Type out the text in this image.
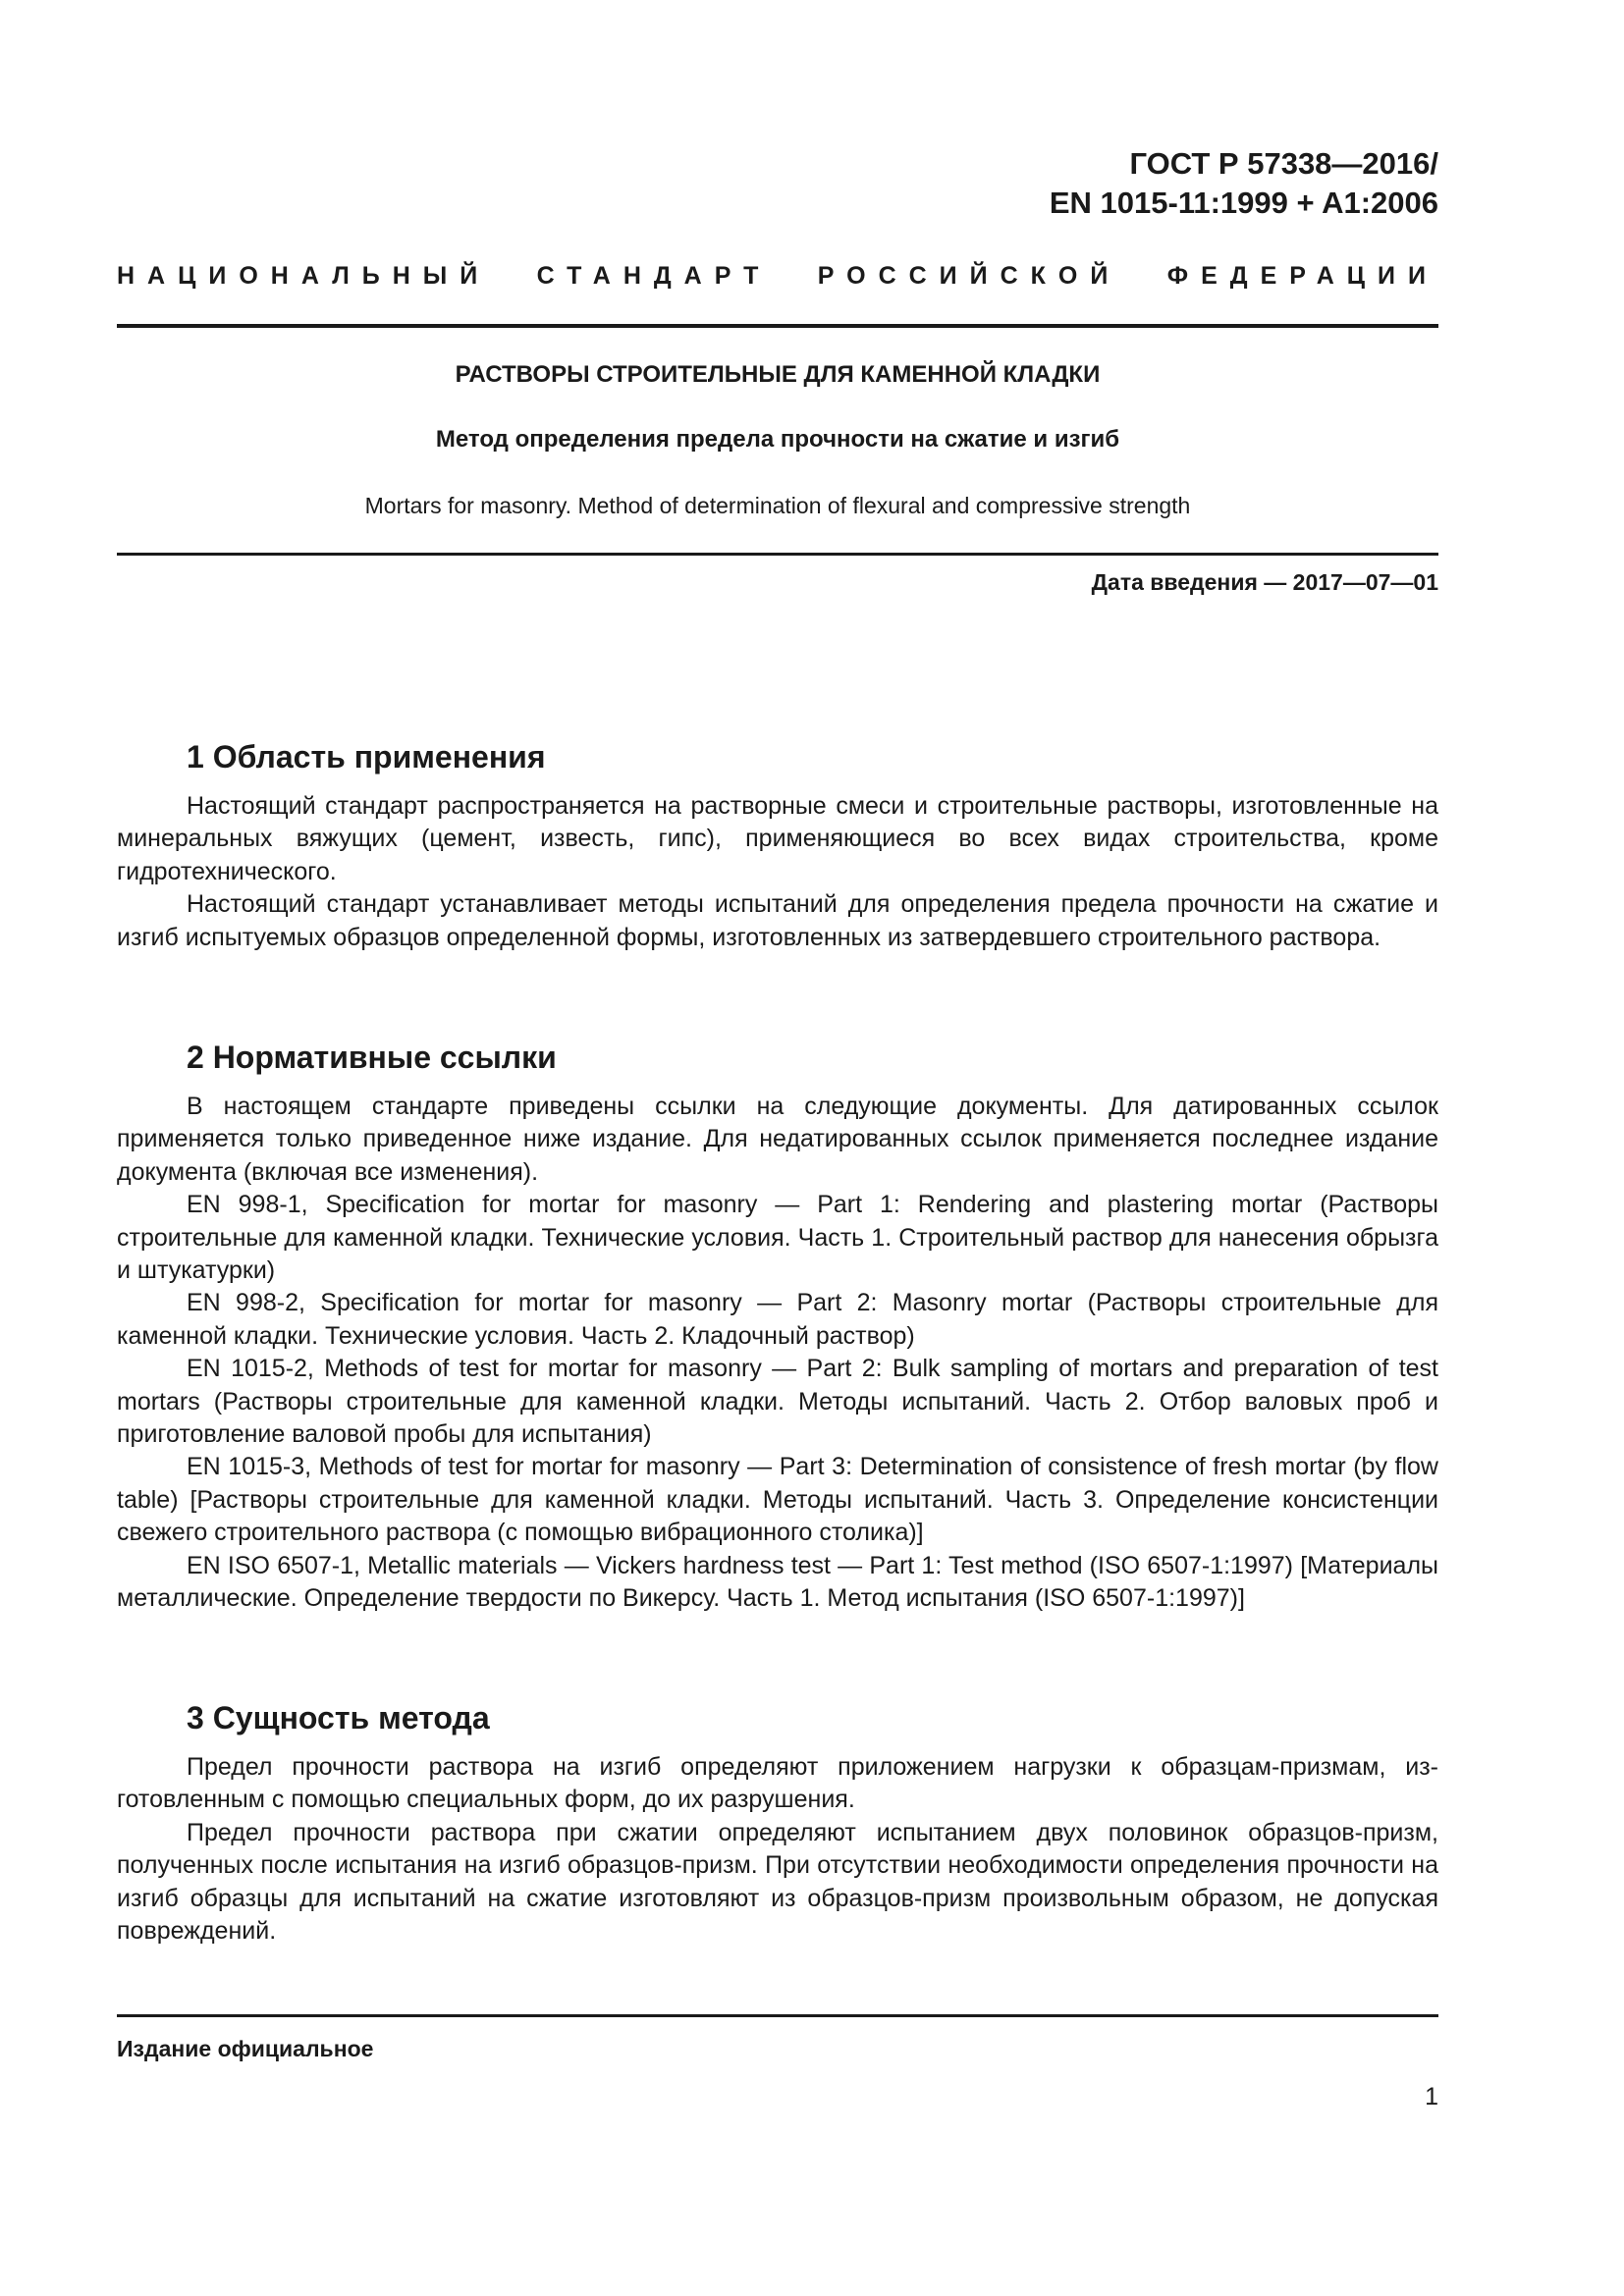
ГОСТ Р 57338—2016/
EN 1015-11:1999 + A1:2006
НАЦИОНАЛЬНЫЙ СТАНДАРТ РОССИЙСКОЙ ФЕДЕРАЦИИ
РАСТВОРЫ СТРОИТЕЛЬНЫЕ ДЛЯ КАМЕННОЙ КЛАДКИ
Метод определения предела прочности на сжатие и изгиб
Mortars for masonry. Method of determination of flexural and compressive strength
Дата введения — 2017—07—01
1 Область применения

Настоящий стандарт распространяется на растворные смеси и строительные растворы, изготовленные на минеральных вяжущих (цемент, известь, гипс), применяющиеся во всех видах строительства, кроме гидротехнического.

Настоящий стандарт устанавливает методы испытаний для определения предела прочности на сжатие и изгиб испытуемых образцов определенной формы, изготовленных из затвердевшего строительного раствора.

2 Нормативные ссылки

В настоящем стандарте приведены ссылки на следующие документы. Для датированных ссылок применяется только приведенное ниже издание. Для недатированных ссылок применяется последнее издание документа (включая все изменения).

EN 998-1, Specification for mortar for masonry — Part 1: Rendering and plastering mortar (Растворы строительные для каменной кладки. Технические условия. Часть 1. Строительный раствор для нанесения обрызга и штукатурки)

EN 998-2, Specification for mortar for masonry — Part 2: Masonry mortar (Растворы строительные для каменной кладки. Технические условия. Часть 2. Кладочный раствор)

EN 1015-2, Methods of test for mortar for masonry — Part 2: Bulk sampling of mortars and preparation of test mortars (Растворы строительные для каменной кладки. Методы испытаний. Часть 2. Отбор валовых проб и приготовление валовой пробы для испытания)

EN 1015-3, Methods of test for mortar for masonry — Part 3: Determination of consistence of fresh mortar (by flow table) [Растворы строительные для каменной кладки. Методы испытаний. Часть 3. Определение консистенции свежего строительного раствора (с помощью вибрационного столика)]

EN ISO 6507-1, Metallic materials — Vickers hardness test — Part 1: Test method (ISO 6507-1:1997) [Материалы металлические. Определение твердости по Викерсу. Часть 1. Метод испытания (ISO 6507-1:1997)]

3 Сущность метода

Предел прочности раствора на изгиб определяют приложением нагрузки к образцам-призмам, изготовленным с помощью специальных форм, до их разрушения.

Предел прочности раствора при сжатии определяют испытанием двух половинок образцов-призм, полученных после испытания на изгиб образцов-призм. При отсутствии необходимости определения прочности на изгиб образцы для испытаний на сжатие изготовляют из образцов-призм произвольным образом, не допуская повреждений.

Издание официальное
1
